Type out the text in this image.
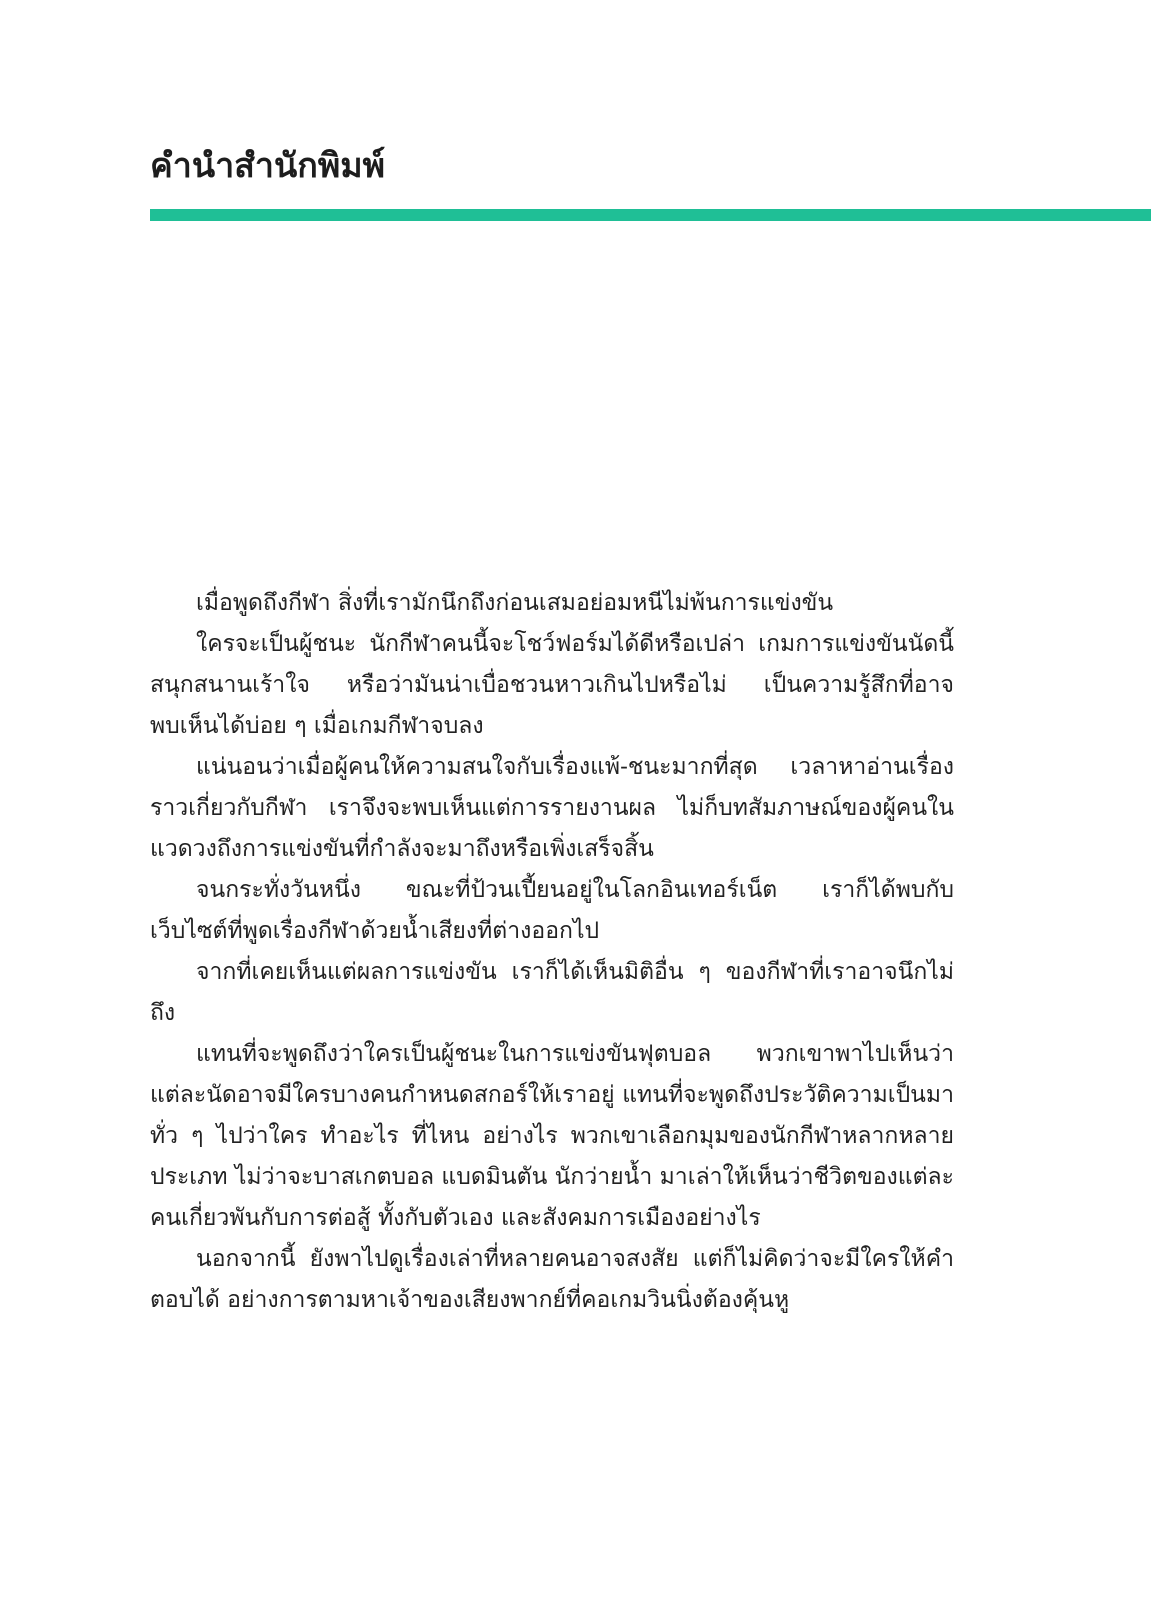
คำนำสำนักพิมพ์

เมื่อพูดถึงกีฬา สิ่งที่เรามักนึกถึงก่อนเสมอย่อมหนีไม่พ้นการแข่งขัน

ใครจะเป็นผู้ชนะ นักกีฬาคนนี้จะโชว์ฟอร์มได้ดีหรือเปล่า เกมการแข่งขันนัดนี้สนุกสนานเร้าใจ หรือว่ามันน่าเบื่อชวนหาวเกินไปหรือไม่ เป็นความรู้สึกที่อาจพบเห็นได้บ่อย ๆ เมื่อเกมกีฬาจบลง

แน่นอนว่าเมื่อผู้คนให้ความสนใจกับเรื่องแพ้-ชนะมากที่สุด เวลาหาอ่านเรื่องราวเกี่ยวกับกีฬา เราจึงจะพบเห็นแต่การรายงานผล ไม่ก็บทสัมภาษณ์ของผู้คนในแวดวงถึงการแข่งขันที่กำลังจะมาถึงหรือเพิ่งเสร็จสิ้น

จนกระทั่งวันหนึ่ง ขณะที่ป้วนเปี้ยนอยู่ในโลกอินเทอร์เน็ต เราก็ได้พบกับเว็บไซต์ที่พูดเรื่องกีฬาด้วยน้ำเสียงที่ต่างออกไป

จากที่เคยเห็นแต่ผลการแข่งขัน เราก็ได้เห็นมิติอื่น ๆ ของกีฬาที่เราอาจนึกไม่ถึง

แทนที่จะพูดถึงว่าใครเป็นผู้ชนะในการแข่งขันฟุตบอล พวกเขาพาไปเห็นว่าแต่ละนัดอาจมีใครบางคนกำหนดสกอร์ให้เราอยู่ แทนที่จะพูดถึงประวัติความเป็นมาทั่ว ๆ ไปว่าใคร ทำอะไร ที่ไหน อย่างไร พวกเขาเลือกมุมของนักกีฬาหลากหลายประเภท ไม่ว่าจะบาสเกตบอล แบดมินตัน นักว่ายน้ำ มาเล่าให้เห็นว่าชีวิตของแต่ละคนเกี่ยวพันกับการต่อสู้ ทั้งกับตัวเอง และสังคมการเมืองอย่างไร

นอกจากนี้ ยังพาไปดูเรื่องเล่าที่หลายคนอาจสงสัย แต่ก็ไม่คิดว่าจะมีใครให้คำตอบได้ อย่างการตามหาเจ้าของเสียงพากย์ที่คอเกมวินนิ่งต้องคุ้นหู
